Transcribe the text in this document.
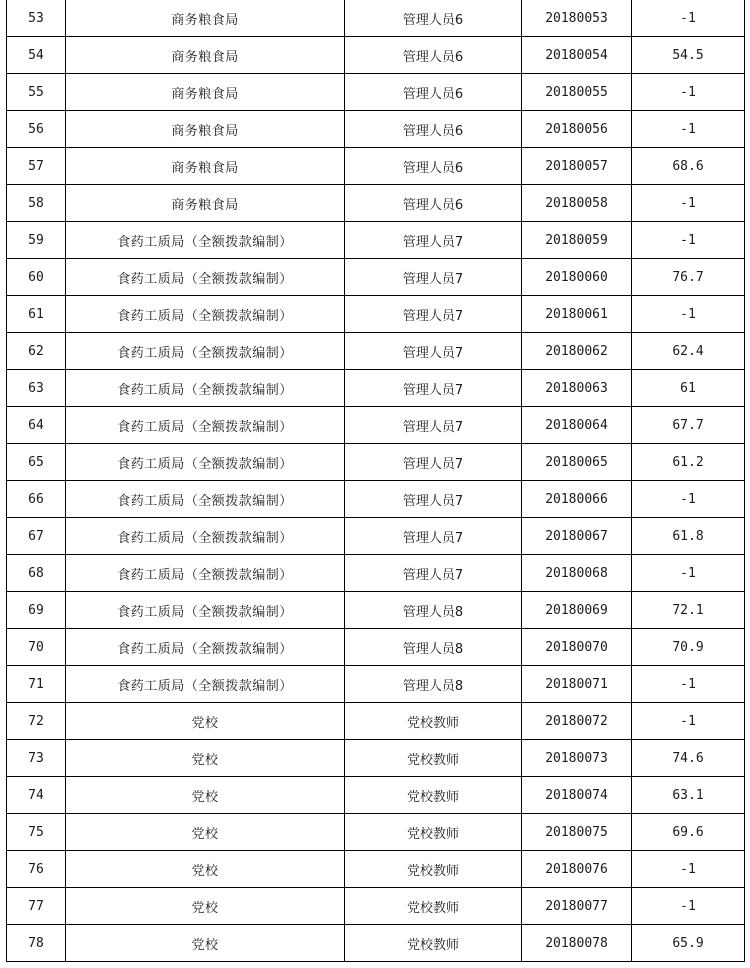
53	商务粮食局	管理人员6	20180053	-1
54	商务粮食局	管理人员6	20180054	54.5
55	商务粮食局	管理人员6	20180055	-1
56	商务粮食局	管理人员6	20180056	-1
57	商务粮食局	管理人员6	20180057	68.6
58	商务粮食局	管理人员6	20180058	-1
59	食药工质局（全额拨款编制）	管理人员7	20180059	-1
60	食药工质局（全额拨款编制）	管理人员7	20180060	76.7
61	食药工质局（全额拨款编制）	管理人员7	20180061	-1
62	食药工质局（全额拨款编制）	管理人员7	20180062	62.4
63	食药工质局（全额拨款编制）	管理人员7	20180063	61
64	食药工质局（全额拨款编制）	管理人员7	20180064	67.7
65	食药工质局（全额拨款编制）	管理人员7	20180065	61.2
66	食药工质局（全额拨款编制）	管理人员7	20180066	-1
67	食药工质局（全额拨款编制）	管理人员7	20180067	61.8
68	食药工质局（全额拨款编制）	管理人员7	20180068	-1
69	食药工质局（全额拨款编制）	管理人员8	20180069	72.1
70	食药工质局（全额拨款编制）	管理人员8	20180070	70.9
71	食药工质局（全额拨款编制）	管理人员8	20180071	-1
72	党校	党校教师	20180072	-1
73	党校	党校教师	20180073	74.6
74	党校	党校教师	20180074	63.1
75	党校	党校教师	20180075	69.6
76	党校	党校教师	20180076	-1
77	党校	党校教师	20180077	-1
78	党校	党校教师	20180078	65.9
